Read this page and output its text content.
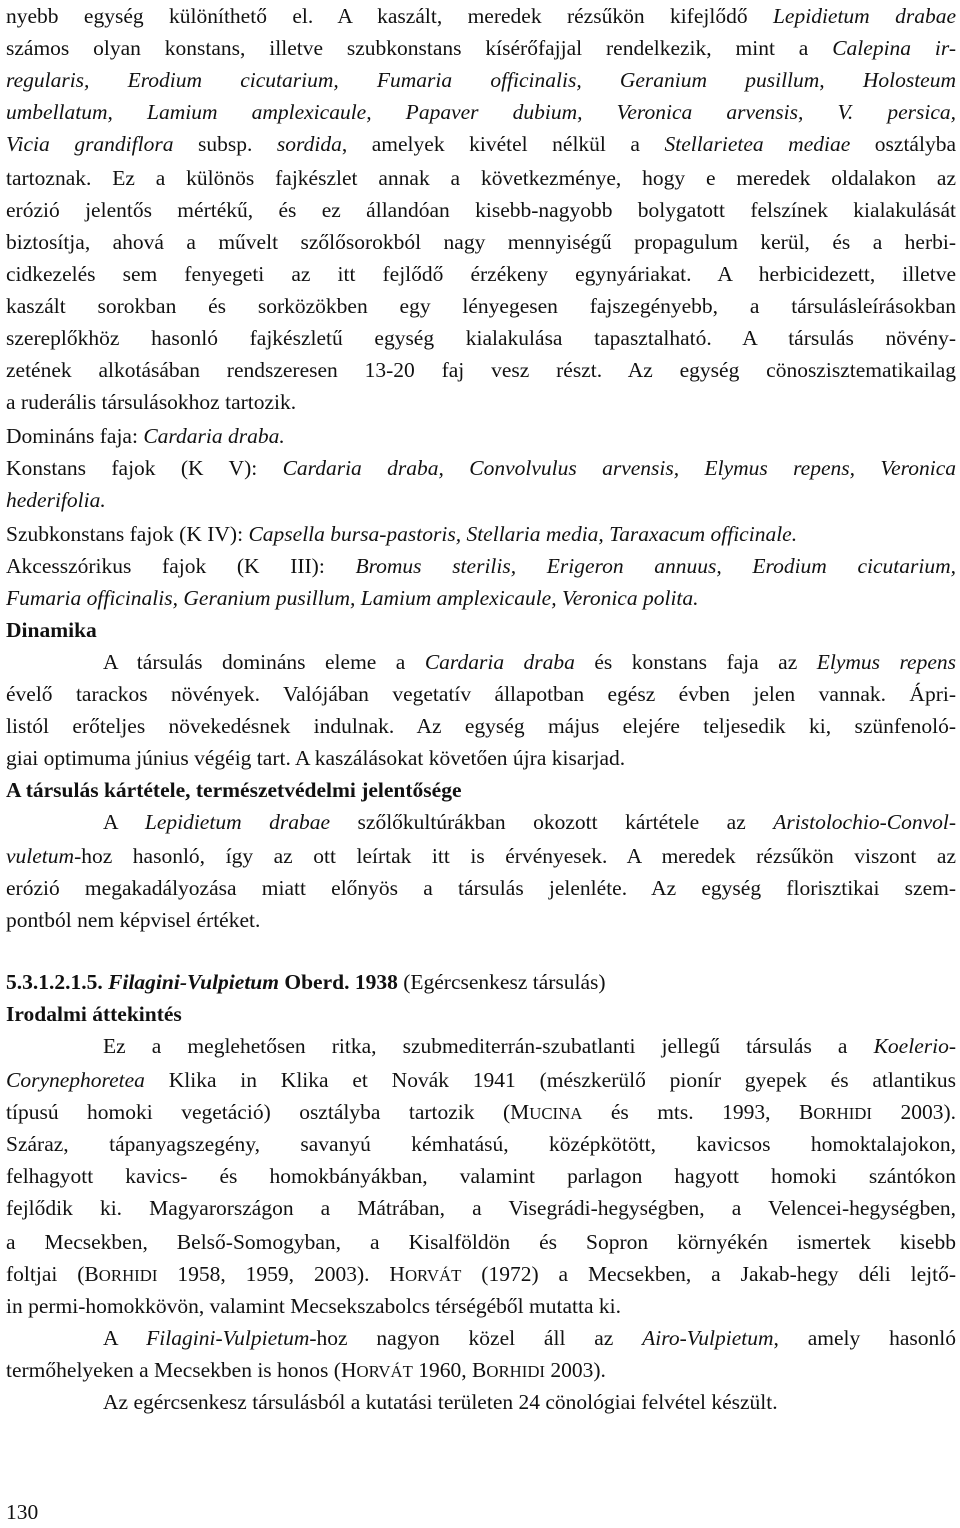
nyebb egység különíthető el. A kaszált, meredek rézsűkön kifejlődő Lepidietum drabae
számos olyan konstans, illetve szubkonstans kísérőfajjal rendelkezik, mint a Calepina ir-
regularis, Erodium cicutarium, Fumaria officinalis, Geranium pusillum, Holosteum
umbellatum, Lamium amplexicaule, Papaver dubium, Veronica arvensis, V. persica,
Vicia grandiflora subsp. sordida, amelyek kivétel nélkül a Stellarietea mediae osztályba
tartoznak. Ez a különös fajkészlet annak a következménye, hogy e meredek oldalakon az
erózió jelentős mértékű, és ez állandóan kisebb-nagyobb bolygatott felszínek kialakulását
biztosítja, ahová a művelt szőlősorokból nagy mennyiségű propagulum kerül, és a herbi-
cidkezelés sem fenyegeti az itt fejlődő érzékeny egynyáriakat. A herbicidezett, illetve
kaszált sorokban és sorközökben egy lényegesen fajszegényebb, a társulásleírásokban
szereplőkhöz hasonló fajkészletű egység kialakulása tapasztalható. A társulás növény-
zetének alkotásában rendszeresen 13-20 faj vesz részt. Az egység cönoszisztematikailag
a ruderális társulásokhoz tartozik.
Domináns faja: Cardaria draba.
Konstans fajok (K V): Cardaria draba, Convolvulus arvensis, Elymus repens, Veronica
hederifolia.
Szubkonstans fajok (K IV): Capsella bursa-pastoris, Stellaria media, Taraxacum officinale.
Akcesszórikus fajok (K III): Bromus sterilis, Erigeron annuus, Erodium cicutarium,
Fumaria officinalis, Geranium pusillum, Lamium amplexicaule, Veronica polita.
Dinamika
A társulás domináns eleme a Cardaria draba és konstans faja az Elymus repens
évelő tarackos növények. Valójában vegetatív állapotban egész évben jelen vannak. Ápri-
listól erőteljes növekedésnek indulnak. Az egység május elejére teljesedik ki, szünfenoló-
giai optimuma június végéig tart. A kaszálásokat követően újra kisarjad.
A társulás kártétele, természetvédelmi jelentősége
A Lepidietum drabae szőlőkultúrákban okozott kártétele az Aristolochio-Convol-
vuletum-hoz hasonló, így az ott leírtak itt is érvényesek. A meredek rézsűkön viszont az
erózió megakadályozása miatt előnyös a társulás jelenléte. Az egység florisztikai szem-
pontból nem képvisel értéket.
5.3.1.2.1.5. Filagini-Vulpietum Oberd. 1938 (Egércsenkesz társulás)
Irodalmi áttekintés
Ez a meglehetősen ritka, szubmediterrán-szubatlanti jellegű társulás a Koelerio-
Corynephoretea Klika in Klika et Novák 1941 (mészkerülő pionír gyepek és atlantikus
típusú homoki vegetáció) osztályba tartozik (MUCINA és mts. 1993, BORHIDI 2003).
Száraz, tápanyagszegény, savanyú kémhatású, középkötött, kavicsos homoktalajokon,
felhagyott kavics- és homokbányákban, valamint parlagon hagyott homoki szántókon
fejlődik ki. Magyarországon a Mátrában, a Visegrádi-hegységben, a Velencei-hegységben,
a Mecsekben, Belső-Somogyban, a Kisalföldön és Sopron környékén ismertek kisebb
foltjai (BORHIDI 1958, 1959, 2003). HORVÁT (1972) a Mecsekben, a Jakab-hegy déli lejtő-
in permi-homokkövön, valamint Mecsekszabolcs térségéből mutatta ki.
A Filagini-Vulpietum-hoz nagyon közel áll az Airo-Vulpietum, amely hasonló
termőhelyeken a Mecsekben is honos (HORVÁT 1960, BORHIDI 2003).
Az egércsenkesz társulásból a kutatási területen 24 cönológiai felvétel készült.
130
